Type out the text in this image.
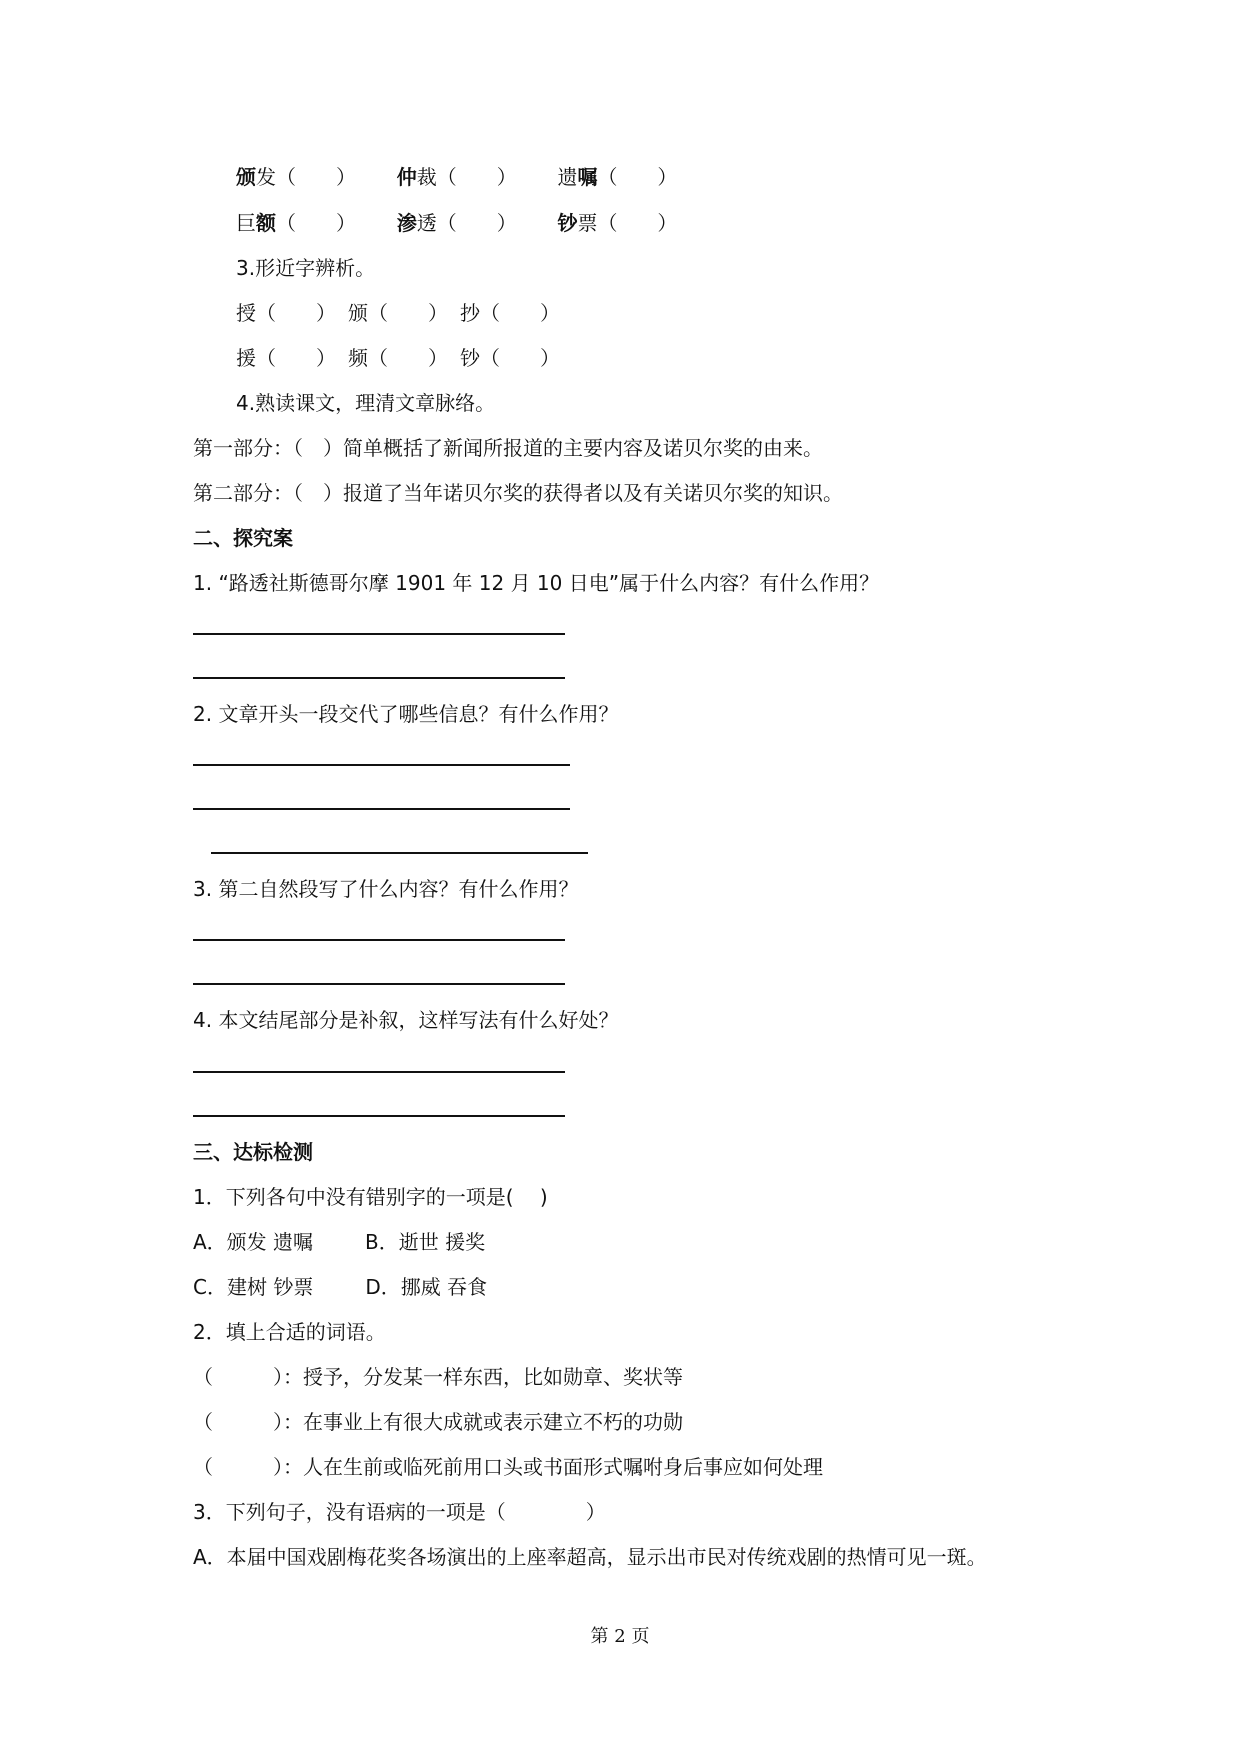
颁发（　　） 仲裁（　　） 遗嘱（　　）
巨额（　　） 渗透（　　） 钞票（　　）
3.形近字辨析。
授（　　） 颁（　　） 抄（　　）
援（　　） 频（　　） 钞（　　）
4.熟读课文，理清文章脉络。
第一部分：（　）简单概括了新闻所报道的主要内容及诺贝尔奖的由来。
第二部分：（　）报道了当年诺贝尔奖的获得者以及有关诺贝尔奖的知识。
二、探究案
1. “路透社斯德哥尔摩 1901 年 12 月 10 日电”属于什么内容？有什么作用？
2. 文章开头一段交代了哪些信息？有什么作用？
3. 第二自然段写了什么内容？有什么作用？
4. 本文结尾部分是补叙，这样写法有什么好处？
三、达标检测
1．下列各句中没有错别字的一项是(　 )
A．颁发 遗嘱	B．逝世 援奖
C．建树 钞票	D．挪威 吞食
2．填上合适的词语。
（　　　）：授予，分发某一样东西，比如勋章、奖状等
（　　　）：在事业上有很大成就或表示建立不朽的功勋
（　　　）：人在生前或临死前用口头或书面形式嘱咐身后事应如何处理
3．下列句子，没有语病的一项是（　　　　）
A．本届中国戏剧梅花奖各场演出的上座率超高，显示出市民对传统戏剧的热情可见一斑。
第 2 页
